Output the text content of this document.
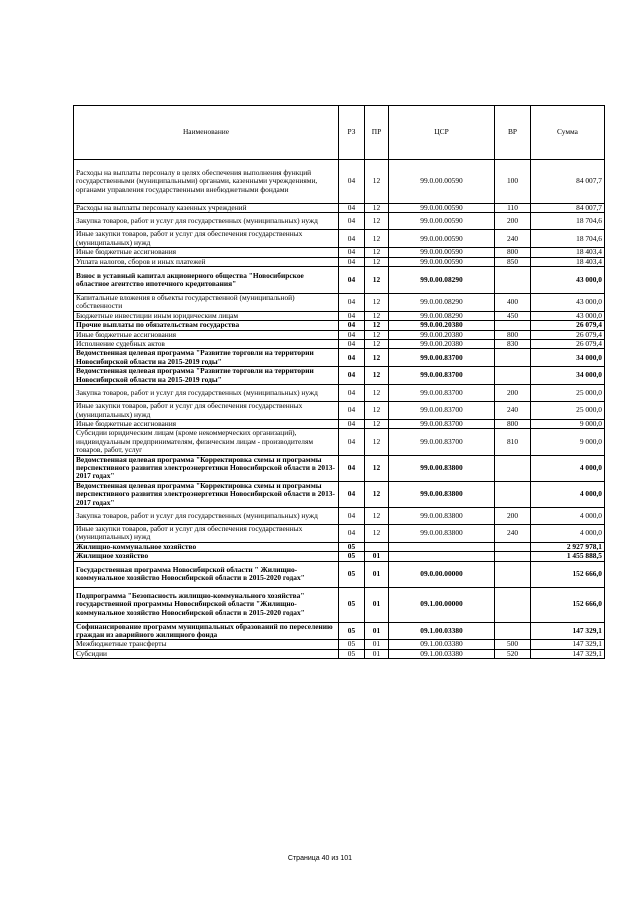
Наименование	РЗ	ПР	ЦСР	ВР	Сумма
Расходы на выплаты персоналу в целях обеспечения выполнения функций государственными (муниципальными) органами, казенными учреждениями, органами управления государственными внебюджетными фондами	04	12	99.0.00.00590	100	84 007,7
Расходы на выплаты персоналу казенных учреждений	04	12	99.0.00.00590	110	84 007,7
Закупка товаров, работ и услуг для государственных (муниципальных) нужд	04	12	99.0.00.00590	200	18 704,6
Иные закупки товаров, работ и услуг для обеспечения государственных (муниципальных) нужд	04	12	99.0.00.00590	240	18 704,6
Иные бюджетные ассигнования	04	12	99.0.00.00590	800	18 403,4
Уплата налогов, сборов и иных платежей	04	12	99.0.00.00590	850	18 403,4
Взнос в уставный капитал акционерного общества "Новосибирское областное агентство ипотечного кредитования"	04	12	99.0.00.08290		43 000,0
Капитальные вложения в объекты государственной (муниципальной) собственности	04	12	99.0.00.08290	400	43 000,0
Бюджетные инвестиции иным юридическим лицам	04	12	99.0.00.08290	450	43 000,0
Прочие выплаты по обязательствам государства	04	12	99.0.00.20380		26 079,4
Иные бюджетные ассигнования	04	12	99.0.00.20380	800	26 079,4
Исполнение судебных актов	04	12	99.0.00.20380	830	26 079,4
Ведомственная целевая программа "Развитие торговли на территории Новосибирской области на 2015-2019 годы"	04	12	99.0.00.83700		34 000,0
Ведомственная целевая программа "Развитие торговли на территории Новосибирской области на 2015-2019 годы"	04	12	99.0.00.83700		34 000,0
Закупка товаров, работ и услуг для государственных (муниципальных) нужд	04	12	99.0.00.83700	200	25 000,0
Иные закупки товаров, работ и услуг для обеспечения государственных (муниципальных) нужд	04	12	99.0.00.83700	240	25 000,0
Иные бюджетные ассигнования	04	12	99.0.00.83700	800	9 000,0
Субсидии юридическим лицам (кроме некоммерческих организаций), индивидуальным предпринимателям, физическим лицам - производителям товаров, работ, услуг	04	12	99.0.00.83700	810	9 000,0
Ведомственная целевая программа "Корректировка схемы и программы перспективного развития электроэнергетики Новосибирской области в 2013-2017 годах"	04	12	99.0.00.83800		4 000,0
Ведомственная целевая программа "Корректировка схемы и программы перспективного развития электроэнергетики Новосибирской области в 2013-2017 годах"	04	12	99.0.00.83800		4 000,0
Закупка товаров, работ и услуг для государственных (муниципальных) нужд	04	12	99.0.00.83800	200	4 000,0
Иные закупки товаров, работ и услуг для обеспечения государственных (муниципальных) нужд	04	12	99.0.00.83800	240	4 000,0
Жилищно-коммунальное хозяйство	05				2 927 978,1
Жилищное хозяйство	05	01			1 455 888,5
Государственная программа Новосибирской области " Жилищно-коммунальное хозяйство Новосибирской области в 2015-2020 годах"	05	01	09.0.00.00000		152 666,0
Подпрограмма "Безопасность жилищно-коммунального хозяйства" государственной программы Новосибирской области "Жилищно-коммунальное хозяйство Новосибирской области в 2015-2020 годах"	05	01	09.1.00.00000		152 666,0
Софинансирование программ муниципальных образований по переселению граждан из аварийного жилищного фонда	05	01	09.1.00.03380		147 329,1
Межбюджетные трансферты	05	01	09.1.00.03380	500	147 329,1
Субсидии	05	01	09.1.00.03380	520	147 329,1
Страница 40 из 101
